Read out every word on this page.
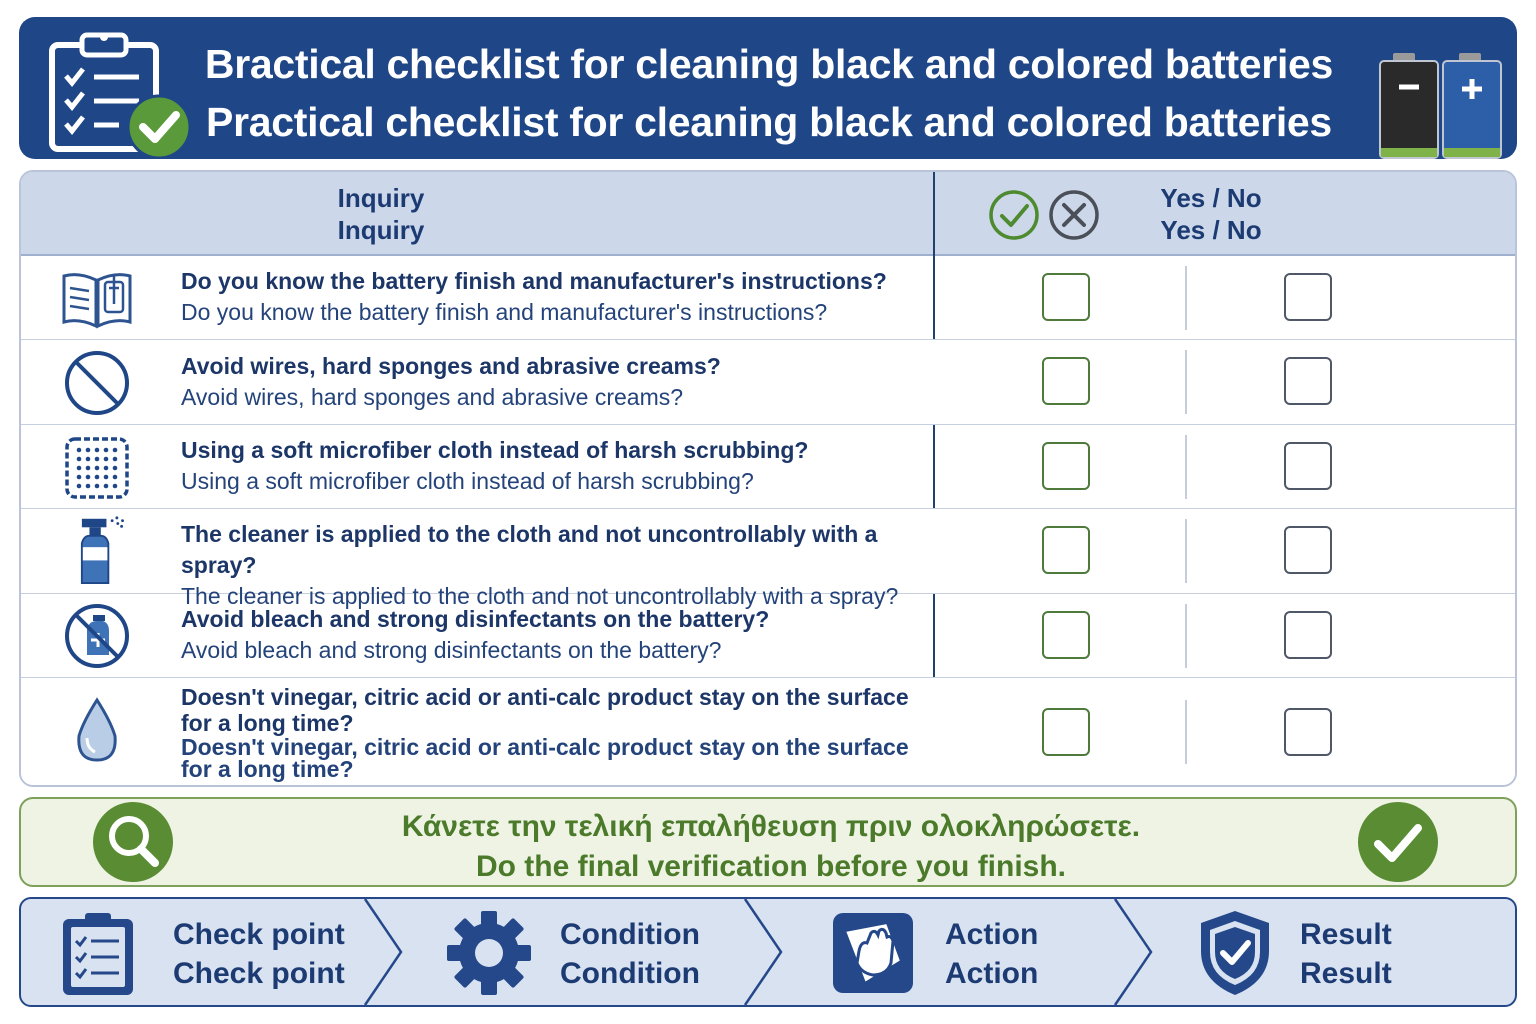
Bractical checklist for cleaning black and colored batteries
Practical checklist for cleaning black and colored batteries
Inquiry
Inquiry
Yes / No
Yes / No
Do you know the battery finish and manufacturer's instructions?
Do you know the battery finish and manufacturer's instructions?
Avoid wires, hard sponges and abrasive creams?
Avoid wires, hard sponges and abrasive creams?
Using a soft microfiber cloth instead of harsh scrubbing?
Using a soft microfiber cloth instead of harsh scrubbing?
The cleaner is applied to the cloth and not uncontrollably with a spray?
The cleaner is applied to the cloth and not uncontrollably with a spray?
Avoid bleach and strong disinfectants on the battery?
Avoid bleach and strong disinfectants on the battery?
Doesn't vinegar, citric acid or anti-calc product stay on the surface for a long time?
Doesn't vinegar, citric acid or anti-calc product stay on the surface for a long time?
Κάνετε την τελική επαλήθευση πριν ολοκληρώσετε.
Do the final verification before you finish.
Check point
Check point
Condition
Condition
Action
Action
Result
Result
